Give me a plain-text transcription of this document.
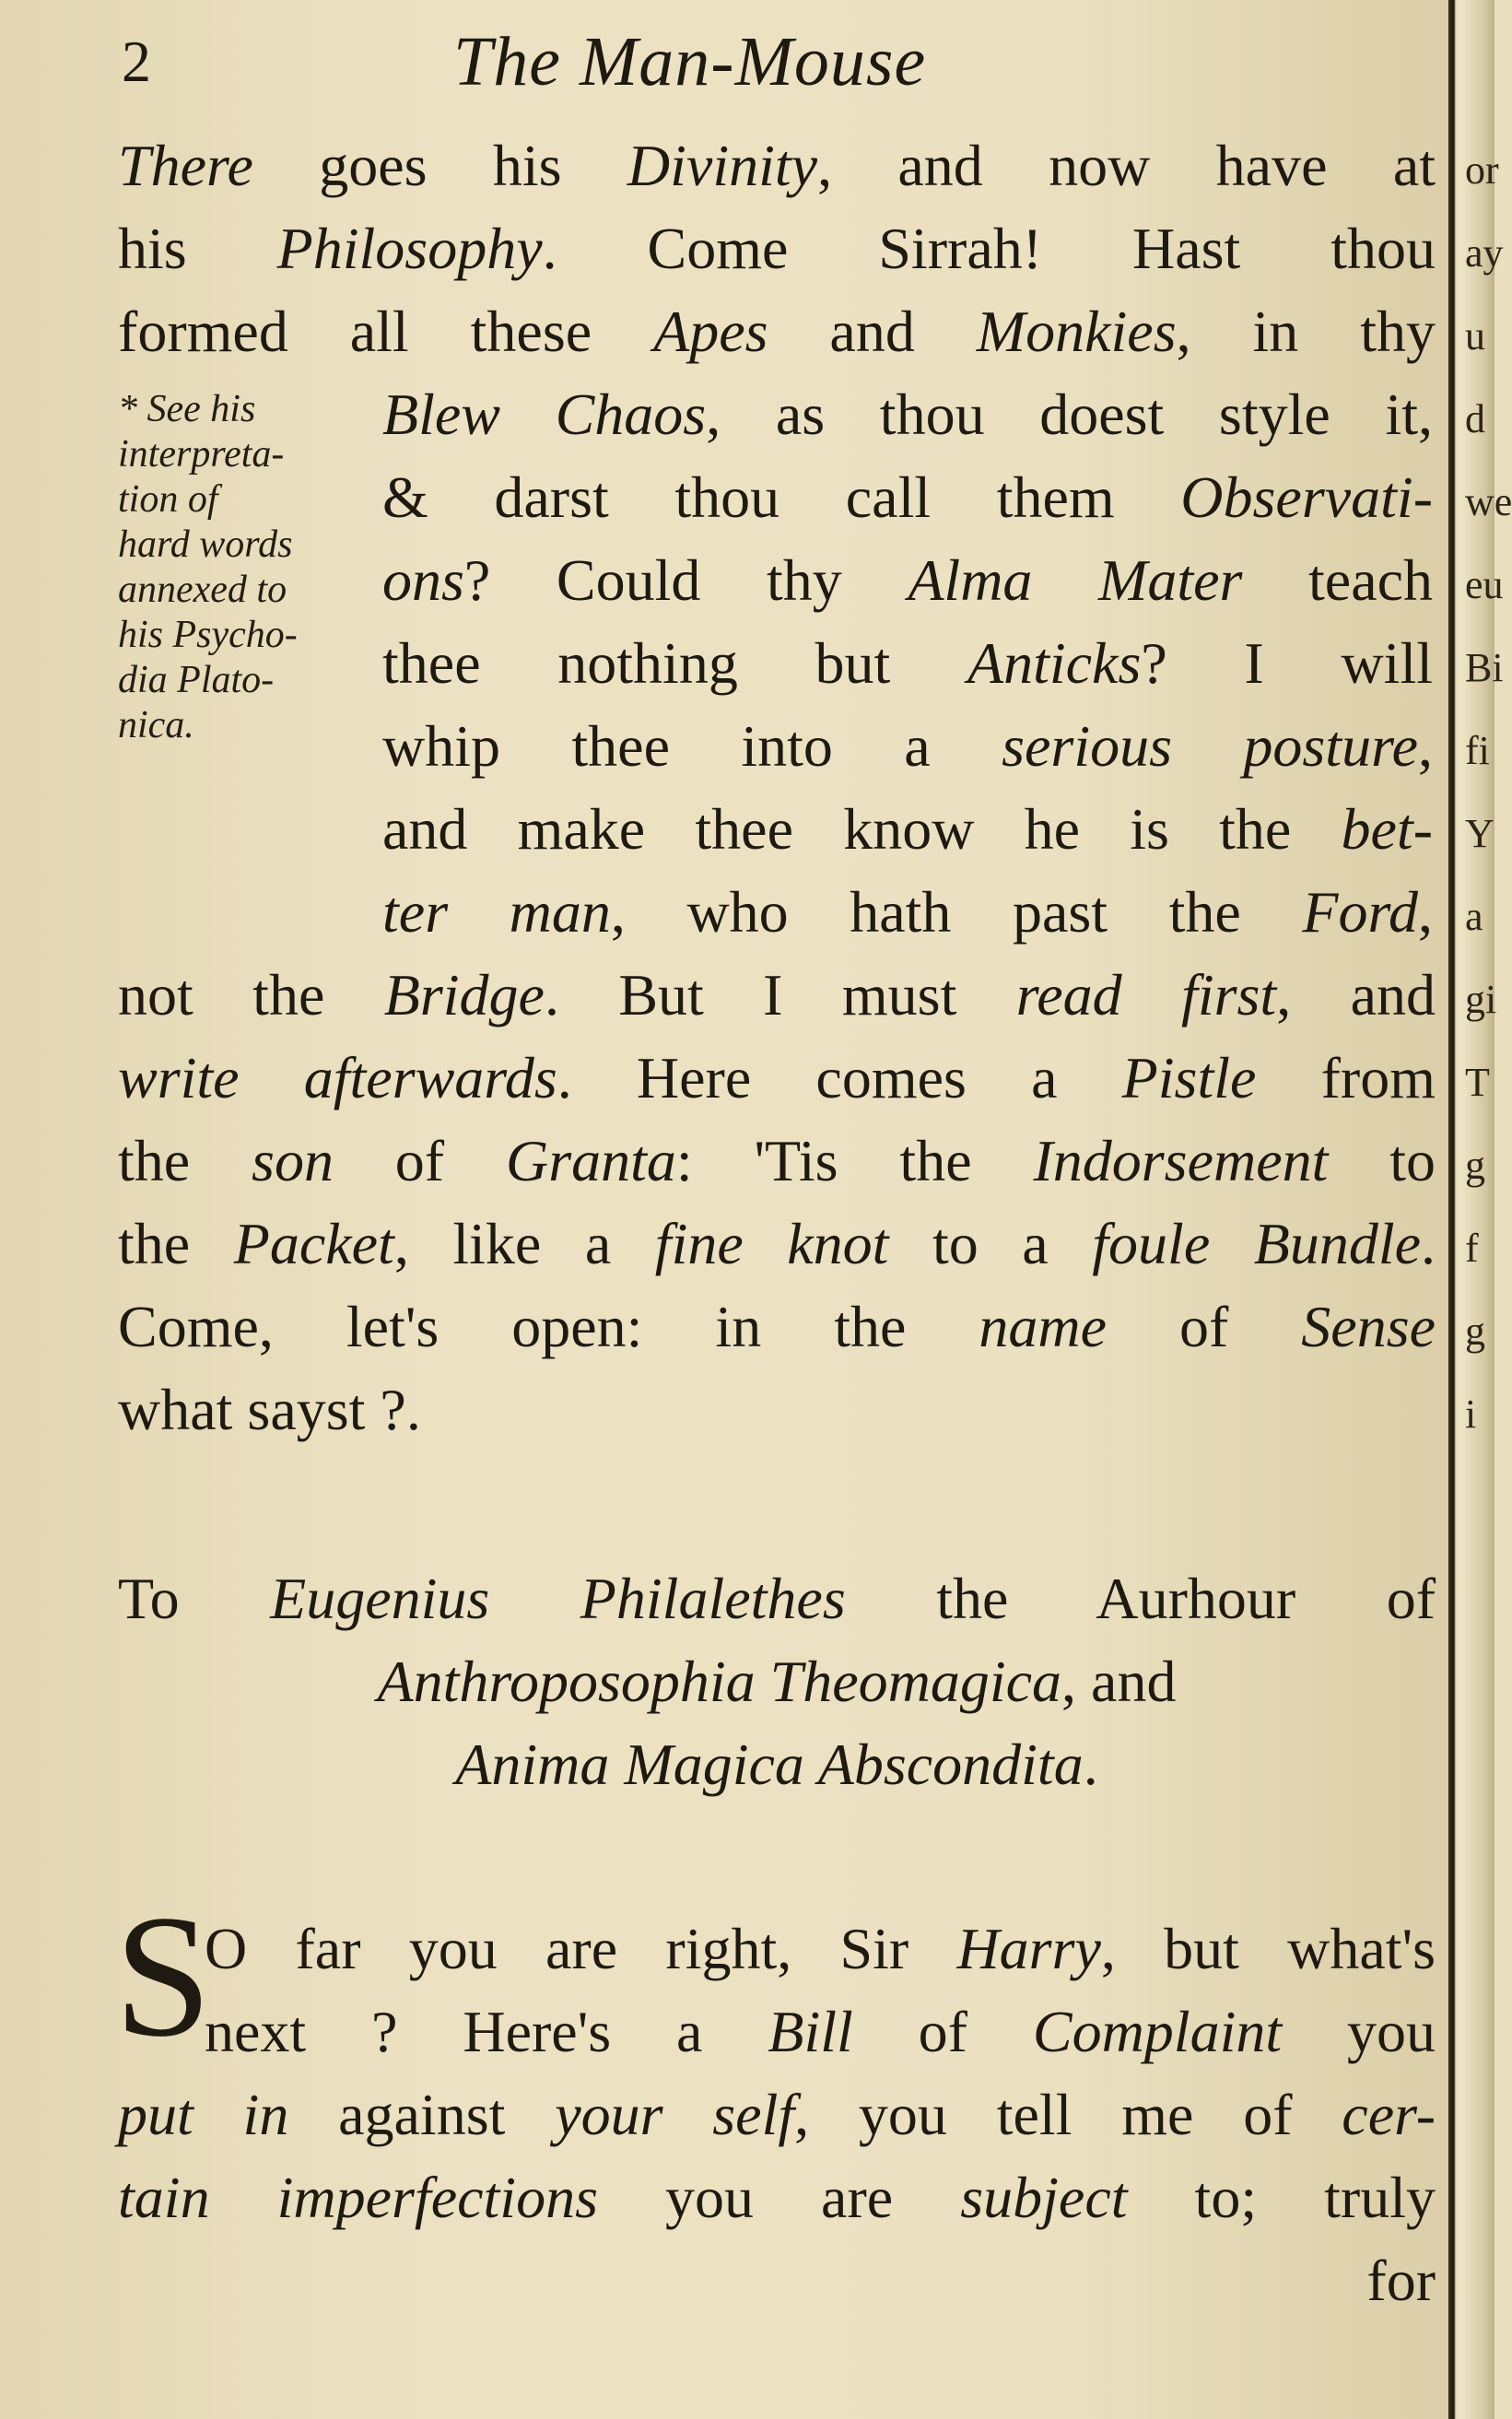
or
ay
u
d
we
eu
Bi
fi
Y
a
gi
T
g
f
g
i
2	The Man-Mouse
* See his
interpreta-
tion of
hard words
annexed to
his Psycho-
dia Plato-
nica.
There goes his Divinity, and now have at
his Philosophy. Come Sirrah! Hast thou
formed all these Apes and Monkies, in thy
Blew Chaos, as thou doest style it,
& darst thou call them Observati-
ons? Could thy Alma Mater teach
thee nothing but Anticks? I will
whip thee into a serious posture,
and make thee know he is the bet-
ter man, who hath past the Ford,
not the Bridge. But I must read first, and
write afterwards. Here comes a Pistle from
the son of Granta: 'Tis the Indorsement to
the Packet, like a fine knot to a foule Bundle.
Come, let's open: in the name of Sense
what sayst ?.
To Eugenius Philalethes the Aurhour of
Anthroposophia Theomagica, and
Anima Magica Abscondita.
S
O far you are right, Sir Harry, but what's
next ? Here's a Bill of Complaint you
put in against your self, you tell me of cer-
tain imperfections you are subject to; truly
for
